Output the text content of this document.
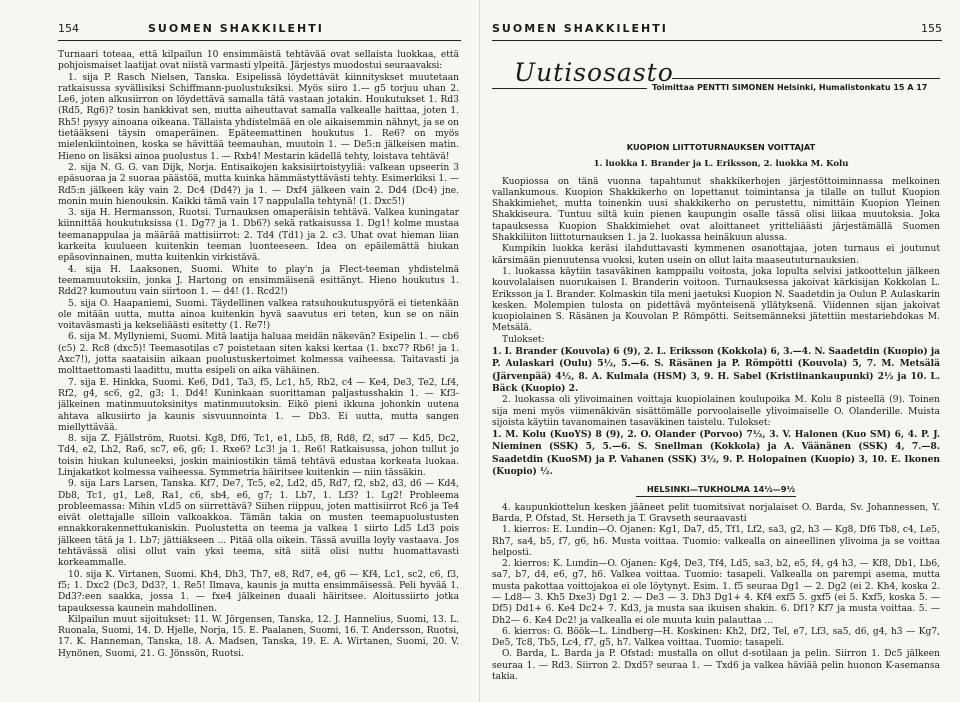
154	SUOMEN SHAKKILEHTI

Turnaari toteaa, että kilpailun 10 ensimmäistä tehtävää ovat sellaista luokkaa, että pohjoismaiset laatijat ovat niistä varmasti ylpeitä. Järjestys muodostui seuraavaksi:

1. sija P. Rasch Nielsen, Tanska. Esipelissä löydettävät kiinnityskset muutetaan ratkaisussa syvällisiksi Schiffmann-puolustuksiksi. Myös siiro 1.— g5 torjuu uhan 2. Le6, joten alkusiirron on löydettävä samalla tätä vastaan jotakin. Houkutukset 1. Rd3 (Rd5, Rg6)? tosin hankkivat sen, mutta aiheuttavat samalla valkealle haittaa, joten 1. Rh5! pysyy ainoana oikeana. Tällaista yhdistelmää en ole aikaisemmin nähnyt, ja se on tietääkseni täysin omaperäinen. Epäteemattinen houkutus 1. Re6? on myös mielenkiintoinen, koska se hävittää teemauhan, muutoin 1. — De5:n jälkeisen matin. Hieno on lisäksi ainoa puolustus 1. — Rxb4! Mestarin kädellä tehty, loistava tehtävä!

2. sija N. G. G. van Dijk, Norja. Entisaikojen kaksisiirtoistyyliä: valkean upseerin 3 epäsuoraa ja 2 suoraa päästöä, mutta kuinka hämmästyttävästi tehty. Esimerkiksi 1. — Rd5:n jälkeen käy vain 2. Dc4 (Dd4?) ja 1. — Dxf4 jälkeen vain 2. Dd4 (Dc4) jne. monin muin hienouksin. Kaikki tämä vain 17 nappulalla tehtynä! (1. Dxc5!)

3. sija H. Hermansson, Ruotsi. Turnauksen omaperäisin tehtävä. Valkea kuningatar kiinnittää houkutuksissa (1. Dg7? ja 1. Db6?) sekä ratkaisussa 1. Dg1! kolme mustaa teemanappulaa ja määrää mattisiirrot: 2. Td4 (Td1) ja 2. c3. Uhat ovat hieman liian karkeita kuulueen kuitenkin teeman luonteeseen. Idea on epäilemättä hiukan epäsovinnainen, mutta kuitenkin virkistävä.

4. sija H. Laaksonen, Suomi. White to play'n ja Flect-teeman yhdistelmä teemamuutoksiin, jonka J. Hartong on ensimmäisenä esittänyt. Hieno houkutus 1. Rdd2? kumoutuu vain siirtoon 1. — d4! (1. Rcd2!)

5. sija O. Haapaniemi, Suomi. Täydellinen valkea ratsuhoukutuspyörä ei tietenkään ole mitään uutta, mutta ainoa kuitenkin hyvä saavutus eri teten, kun se on näin voitaväsmasti ja kekseliäästi esitetty (1. Re7!)

6. sija M. Myllyniemi, Suomi. Mitä laatija haluaa meidän näkevän? Esipelin 1. — cb6 (c5) 2. Rc8 (dxc5)! Teemasotilas c7 poistetaan siten kaksi kertaa (1. bxc7? Rb6! ja 1. Axc7!), jotta saataisiin aikaan puolustuskertoimet kolmessa vaiheessa. Taitavasti ja molttaettomasti laadittu, mutta esipeli on aika vähäinen.

7. sija E. Hinkka, Suomi. Ke6, Dd1, Ta3, f5, Lc1, h5, Rb2, c4 — Ke4, De3, Te2, Lf4, Rf2, g4, sc6, g2, g3; 1. Dd4! Kuninkaan suorittaman paljastusshakin 1. — Kf3-jälkeinen matinmuutoksinitys matinmuutoksin. Eikö pieni ikkuna johonkin uutena ahtava alkusiirto ja kaunis sisvuunnointa 1. — Db3. Ei uutta, mutta sangen miellyttävää.

8. sija Z. Fjällström, Ruotsi. Kg8, Df6, Tc1, e1, Lb5, f8, Rd8, f2, sd7 — Kd5, Dc2, Td4, e2, Lh2, Ra6, sc7, e6, g6; 1. Rxe6? Lc3! ja 1. Re6! Ratkaisussa, johon tullut jo toisin hiukan kuluneeksi, joskin mainiostikin tämä tehtävä edustaa korkeata luokaa. Linjakatkot kolmessa vaiheessa. Symmetria häiritsee kuitenkin — niin tässäkin.

9. sija Lars Larsen, Tanska. Kf7, De7, Tc5, e2, Ld2, d5, Rd7, f2, sb2, d3, d6 — Kd4, Db8, Tc1, g1, Le8, Ra1, c6, sb4, e6, g7; 1. Lb7, 1. Lf3? 1. Lg2! Probleema probleemassa: Mihin vLd5 on siirrettävä? Siihen riippuu, joten mattisiirrot Rc6 ja Te4 eivät olettajalle silloin valkoakkoa. Tämän takia on musten teemapuolustusten ennakkorakennettukaniskin. Puolustetta on teema ja valkea 1 siirto Ld5 Ld3 pois jälkeen tätä ja 1. Lb7; jättiäkseen ... Pitää olla oikein. Tässä avuilla loyly vastaava. Jos tehtävässä olisi ollut vain yksi teema, sitä siitä olisi nuttu huomattavasti korkeammalle.

10. sija K. Virtanen, Suomi. Kh4, Dh3, Th7, e8, Rd7, e4, g6 — Kf4, Lc1, sc2, c6, f3, f5; 1. Dxc2 (Dc3, Dd3?, 1. Re5! Ilmava, kaunis ja mutta ensimmäisessä. Peli hyvää 1. Dd3?:een saakka, jossa 1. — fxe4 jälkeinen duaali häiritsee. Aloitussiirto jotka tapauksessa kaunein mahdollinen.

Kilpailun muut sijoitukset: 11. W. Jörgensen, Tanska, 12. J. Hannelius, Suomi, 13. L. Ruonala, Suomi, 14. D. Hjelle, Norja, 15. E. Paalanen, Suomi, 16. T. Andersson, Ruotsi, 17. K. Hanneman, Tanska, 18. A. Madsen, Tanska, 19. E. A. Wirtanen, Suomi, 20. V. Hynönen, Suomi, 21. G. Jönssön, Ruotsi.

SUOMEN SHAKKILEHTI	155
Uutisosasto
Toimittaa PENTTI SIMONEN Helsinki, Humalistonkatu 15 A 17

KUOPION LIITTOTURNAUKSEN VOITTAJAT

1. luokka I. Brander ja L. Eriksson, 2. luokka M. Kolu

Kuopiossa on tänä vuonna tapahtunut shakkikerhojen järjestöttoiminnassa melkoinen vallankumous. Kuopion Shakkikerho on lopettanut toimintansa ja tilalle on tullut Kuopion Shakkimiehet, mutta toinenkin uusi shakkikerho on perustettu, nimittäin Kuopion Yleinen Shakkiseura. Tuntuu siltä kuin pienen kaupungin osalle tässä olisi liikaa muutoksia. Joka tapauksessa Kuopion Shakkimiehet ovat aloittaneet yritteliäästi järjestämällä Suomen Shakkiliiton liittoturnauksen 1. ja 2. luokassa heinäkuun alussa.

Kumpikin luokka keräsi ilahduttavasti kymmenen osanottajaa, joten turnaus ei joutunut kärsimään pienuutensa vuoksi, kuten usein on ollut laita maaseututurnauksien.

1. luokassa käytiin tasaväkinen kamppailu voitosta, joka lopulta selvisi jatkoottelun jälkeen kouvolalaisen nuorukaisen I. Branderin voitoon. Turnauksessa jakoivat kärkisijan Kokkolan L. Eriksson ja I. Brander. Kolmaskin tila meni jaetuksi Kuopion N. Saadetdin ja Oulun P. Aulaskarin kesken. Molempien tulosta on pidettävä myönteisenä yllätyksenä. Viidennen sijan jakoivat kuopiolainen S. Räsänen ja Kouvolan P. Römpötti. Seitsemänneksi jätettiin mestariehdokas M. Metsälä.

Tulokset:

1. I. Brander (Kouvola) 6 (9), 2. L. Eriksson (Kokkola) 6, 3.—4. N. Saadetdin (Kuopio) ja P. Aulaskari (Oulu) 5½, 5.—6. S. Räsänen ja P. Römpötti (Kouvola) 5, 7. M. Metsälä (Järvenpää) 4½, 8. A. Kulmala (HSM) 3, 9. H. Sabel (Kristiinankaupunki) 2½ ja 10. L. Bäck (Kuopio) 2.

2. luokassa oli ylivoimainen voittaja kuopiolainen koulupoika M. Kolu 8 pisteellä (9). Toinen sija meni myös viimenäkivän sisättömälle porvoolaiselle ylivoimaiselle O. Olanderille. Muista sijoista käytiin tavanomainen tasaväkinen taistelu. Tulokset:

1. M. Kolu (KuoYS) 8 (9), 2. O. Olander (Porvoo) 7½, 3. V. Halonen (Kuo SM) 6, 4. P. J. Nieminen (SSK) 5, 5.—6. S. Snellman (Kokkola) ja A. Väänänen (SSK) 4, 7.—8. Saadetdin (KuoSM) ja P. Vahanen (SSK) 3½, 9. P. Holopainen (Kuopio) 3, 10. E. Ikonen (Kuopio) ½.

HELSINKI—TUKHOLMA 14½—9½

4. kaupunkiottelun kesken jääneet pelit tuomitsivat norjalaiset O. Barda, Sv. Johannessen, Y. Barda, P. Ofstad, St. Herseth ja T. Gravseth seuraavasti

1. kierros: E. Lundin—O. Ojanen: Kg1, Da7, d5, Tf1, Lf2, sa3, g2, h3 — Kg8, Df6 Tb8, c4, Le5, Rh7, sa4, b5, f7, g6, h6. Musta voittaa. Tuomio: valkealla on aineellinen ylivoima ja se voittaa helposti.

2. kierros: K. Lundin—O. Ojanen: Kg4, De3, Tf4, Ld5, sa3, b2, e5, f4, g4 h3, — Kf8, Db1, Lb6, sa7, b7, d4, e6, g7, h6. Valkea voittaa. Tuomio: tasapeli. Valkealla on parempi asema, mutta musta pakottaa voittojakoa ei ole löytynyt. Esim. 1. f5 seuraa Dg1 — 2. Dg2 (ei 2. Kh4, koska 2. — Ld8— 3. Kh5 Dxe3) Dg1 2. — De3 — 3. Dh3 Dg1+ 4. Kf4 exf5 5. gxf5 (ei 5. Kxf5, koska 5. — Df5) Dd1+ 6. Ke4 Dc2+ 7. Kd3, ja musta saa ikuisen shakin. 6. Df1? Kf7 ja musta voittaa. 5. — Dh2— 6. Ke4 Dc2! ja valkealla ei ole muuta kuin palauttaa ...

6. kierros: G. Böök—L. Lindberg—H. Koskinen: Kh2, Df2, Tel, e7, Lf3, sa5, d6, g4, h3 — Kg7, De5, Tc8, Tb5, Lc4, f7, g5, h7. Valkea voittaa. Tuomio: tasapeli.

O. Barda, L. Barda ja P. Ofstad: mustalla on ollut d-sotilaan ja pelin. Siirron 1. Dc5 jälkeen seuraa 1. — Rd3. Siirron 2. Dxd5? seuraa 1. — Txd6 ja valkea häviää pelin huonon K-asemansa takia.
